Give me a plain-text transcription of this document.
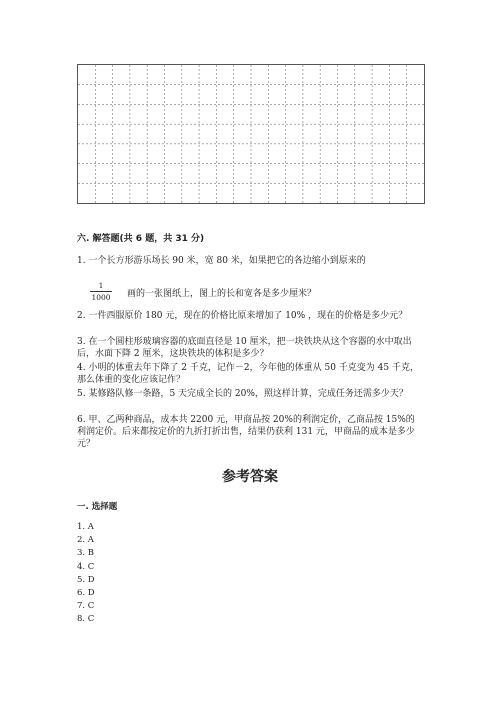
六. 解答题(共 6 题，共 31 分)
1. 一个长方形游乐场长 90 米，宽 80 米，如果把它的各边缩小到原来的
1
1000 画的一张图纸上，图上的长和宽各是多少厘米？
2. 一件西服原价 180 元，现在的价格比原来增加了 10% ，现在的价格是多少元？
3. 在一个圆柱形玻璃容器的底面直径是 10 厘米，把一块铁块从这个容器的水中取出后，水面下降 2 厘米，这块铁块的体积是多少？
4. 小明的体重去年下降了 2 千克，记作－2，今年他的体重从 50 千克变为 45 千克，那么体重的变化应该记作？
5. 某修路队修一条路，5 天完成全长的 20%，照这样计算，完成任务还需多少天？
6. 甲、乙两种商品，成本共 2200 元，甲商品按 20%的利润定价，乙商品按 15%的利润定价。后来都按定价的九折打折出售，结果仍获利 131 元，甲商品的成本是多少元？
参考答案
一. 选择题
1. A
2. A
3. B
4. C
5. D
6. D
7. C
8. C
